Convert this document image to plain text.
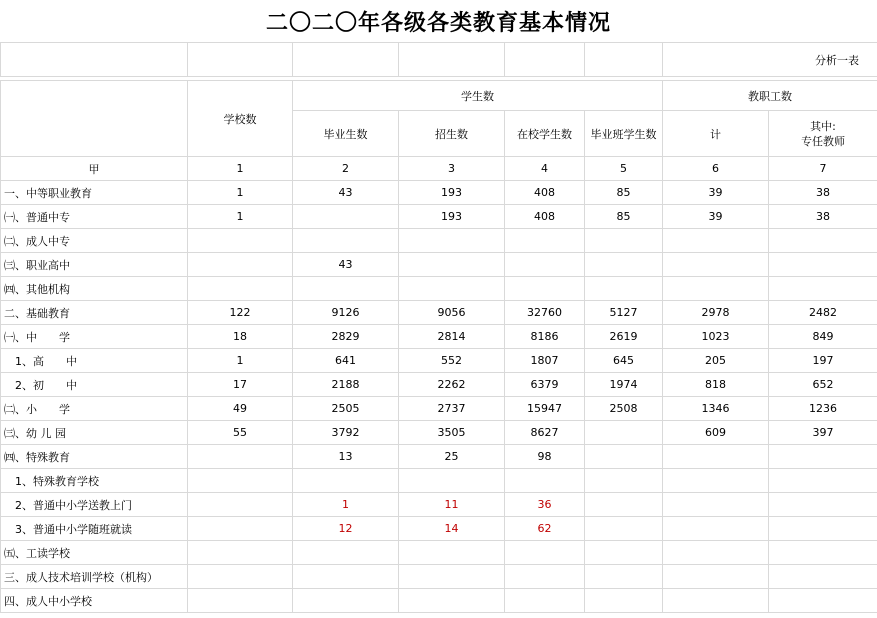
二〇二〇年各级各类教育基本情况
						分析一表	

	学校数	学生数				教职工数	
		毕业生数	招生数	在校学生数	毕业班学生数	计	其中:
专任教师

甲	1	2	3	4	5	6	7
一、中等职业教育	1	43	193	408	85	39	38
㈠、普通中专	1		193	408	85	39	38
㈡、成人中专							
㈢、职业高中		43					
㈣、其他机构							
二、基础教育	122	9126	9056	32760	5127	2978	2482
㈠、中　　学	18	2829	2814	8186	2619	1023	849
　1、高　　中	1	641	552	1807	645	205	197
　2、初　　中	17	2188	2262	6379	1974	818	652
㈡、小　　学	49	2505	2737	15947	2508	1346	1236
㈢、幼 儿 园	55	3792	3505	8627		609	397
㈣、特殊教育		13	25	98			
　1、特殊教育学校							
　2、普通中小学送教上门		1	11	36			
　3、普通中小学随班就读		12	14	62			
㈤、工读学校							
三、成人技术培训学校（机构）							
四、成人中小学校							
